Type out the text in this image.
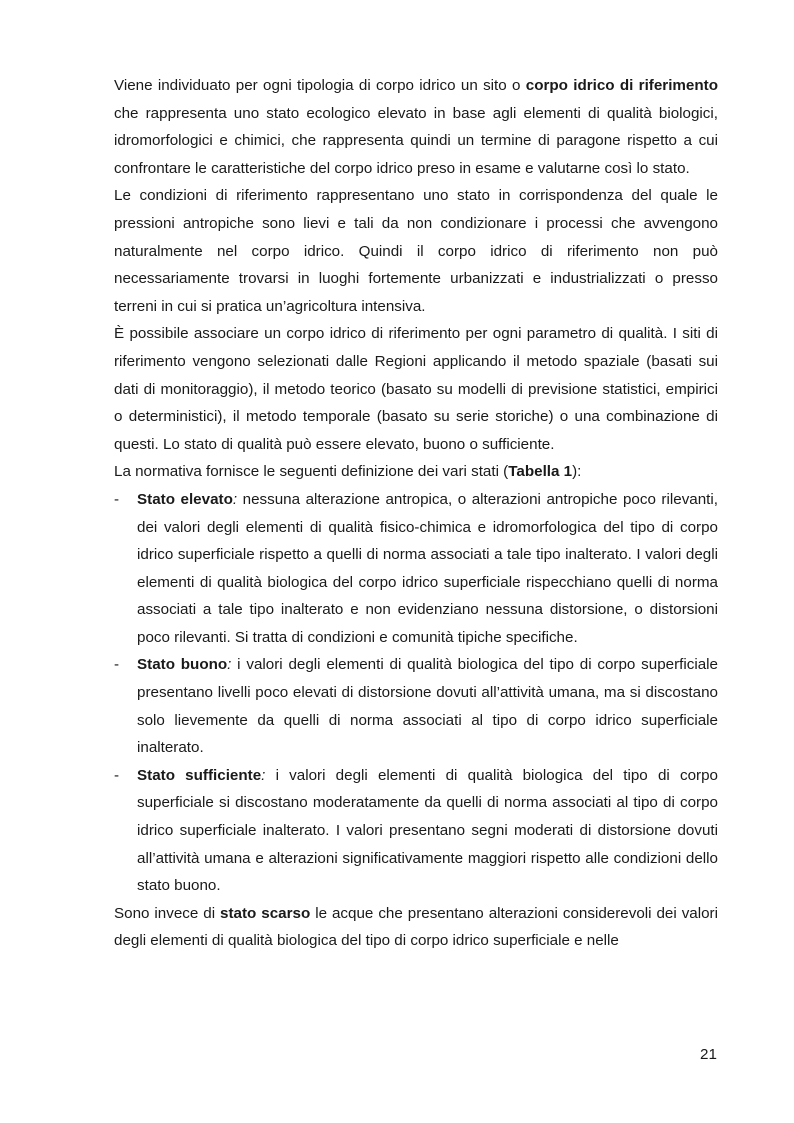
Viene individuato per ogni tipologia di corpo idrico un sito o corpo idrico di riferimento che rappresenta uno stato ecologico elevato in base agli elementi di qualità biologici, idromorfologici e chimici, che rappresenta quindi un termine di paragone rispetto a cui confrontare le caratteristiche del corpo idrico preso in esame e valutarne così lo stato.

Le condizioni di riferimento rappresentano uno stato in corrispondenza del quale le pressioni antropiche sono lievi e tali da non condizionare i processi che avvengono naturalmente nel corpo idrico. Quindi il corpo idrico di riferimento non può necessariamente trovarsi in luoghi fortemente urbanizzati e industrializzati o presso terreni in cui si pratica un’agricoltura intensiva.

È possibile associare un corpo idrico di riferimento per ogni parametro di qualità. I siti di riferimento vengono selezionati dalle Regioni applicando il metodo spaziale (basati sui dati di monitoraggio), il metodo teorico (basato su modelli di previsione statistici, empirici o deterministici), il metodo temporale (basato su serie storiche) o una combinazione di questi. Lo stato di qualità può essere elevato, buono o sufficiente.

La normativa fornisce le seguenti definizione dei vari stati (Tabella 1):

- Stato elevato: nessuna alterazione antropica, o alterazioni antropiche poco rilevanti, dei valori degli elementi di qualità fisico-chimica e idromorfologica del tipo di corpo idrico superficiale rispetto a quelli di norma associati a tale tipo inalterato. I valori degli elementi di qualità biologica del corpo idrico superficiale rispecchiano quelli di norma associati a tale tipo inalterato e non evidenziano nessuna distorsione, o distorsioni poco rilevanti. Si tratta di condizioni e comunità tipiche specifiche.
- Stato buono: i valori degli elementi di qualità biologica del tipo di corpo superficiale presentano livelli poco elevati di distorsione dovuti all’attività umana, ma si discostano solo lievemente da quelli di norma associati al tipo di corpo idrico superficiale inalterato.
- Stato sufficiente: i valori degli elementi di qualità biologica del tipo di corpo superficiale si discostano moderatamente da quelli di norma associati al tipo di corpo idrico superficiale inalterato. I valori presentano segni moderati di distorsione dovuti all’attività umana e alterazioni significativamente maggiori rispetto alle condizioni dello stato buono.

Sono invece di stato scarso le acque che presentano alterazioni considerevoli dei valori degli elementi di qualità biologica del tipo di corpo idrico superficiale e nelle

21
